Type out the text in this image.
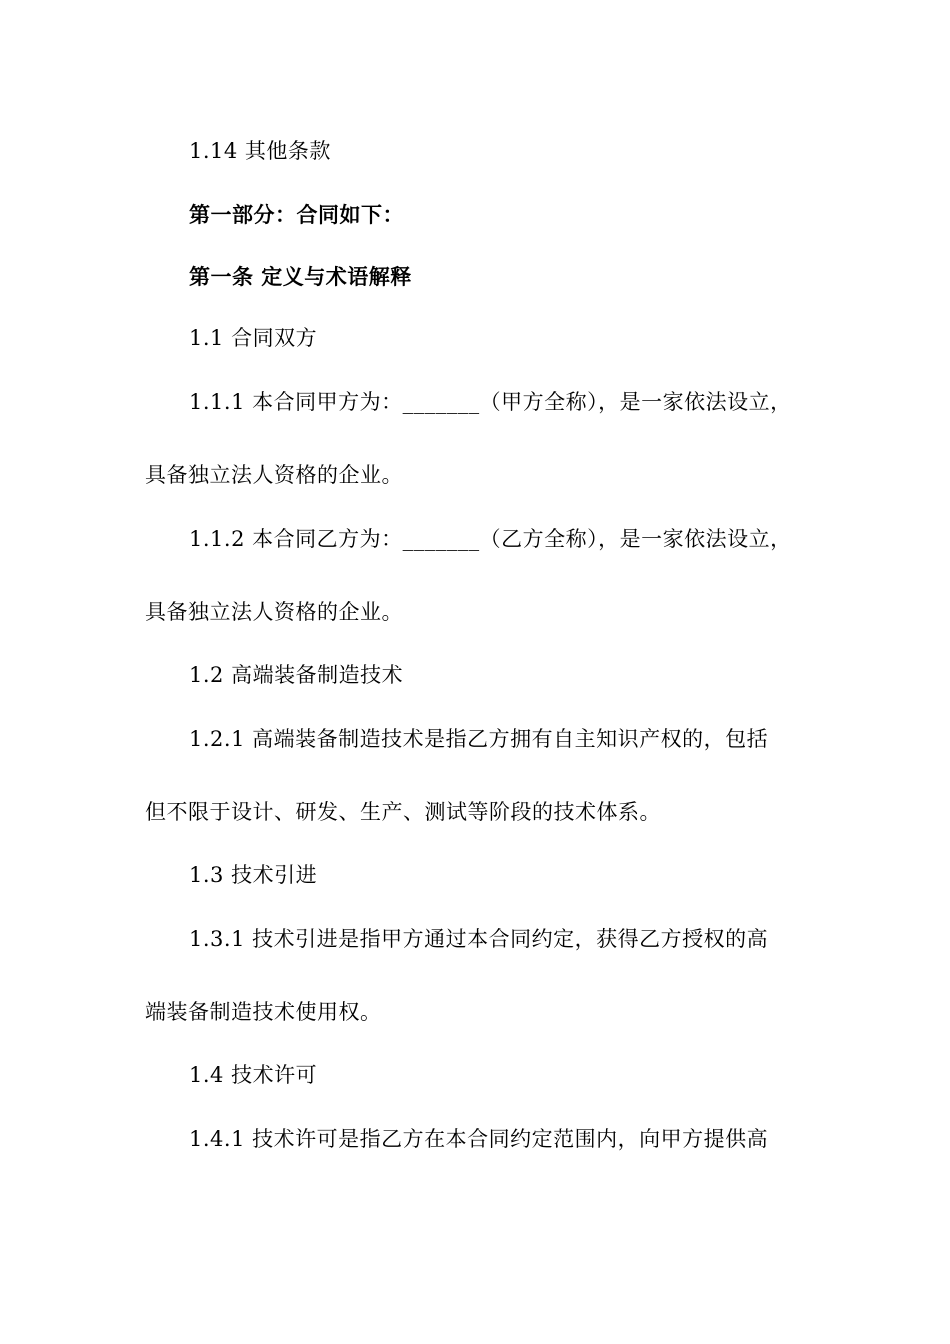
1.14 其他条款
第一部分：合同如下：
第一条 定义与术语解释
1.1 合同双方
1.1.1 本合同甲方为：_______（甲方全称），是一家依法设立，
具备独立法人资格的企业。
1.1.2 本合同乙方为：_______（乙方全称），是一家依法设立，
具备独立法人资格的企业。
1.2 高端装备制造技术
1.2.1 高端装备制造技术是指乙方拥有自主知识产权的，包括
但不限于设计、研发、生产、测试等阶段的技术体系。
1.3 技术引进
1.3.1 技术引进是指甲方通过本合同约定，获得乙方授权的高
端装备制造技术使用权。
1.4 技术许可
1.4.1 技术许可是指乙方在本合同约定范围内，向甲方提供高
